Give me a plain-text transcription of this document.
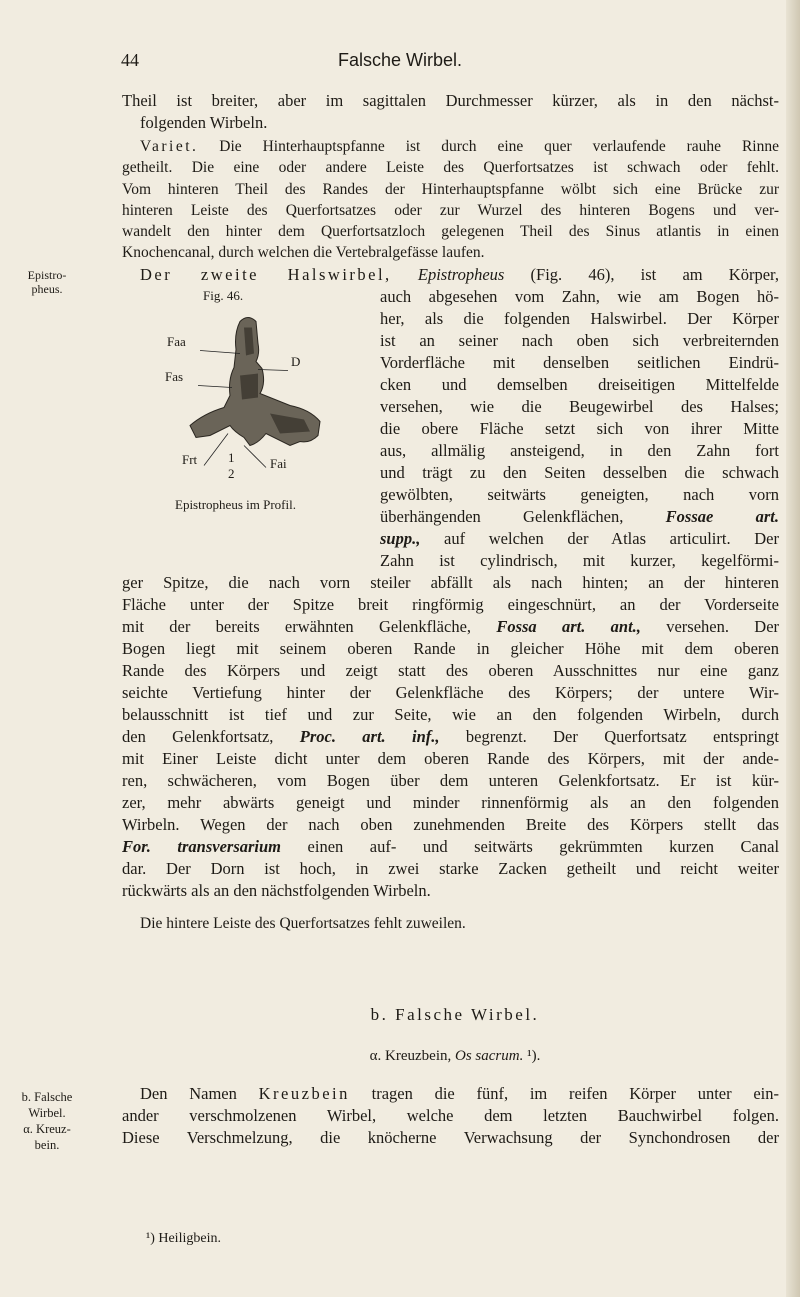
44	Falsche Wirbel.
Theil ist breiter, aber im sagittalen Durchmesser kürzer, als in den nächst-
folgenden Wirbeln.
Variet. Die Hinterhauptspfanne ist durch eine quer verlaufende rauhe Rinne
getheilt. Die eine oder andere Leiste des Querfortsatzes ist schwach oder fehlt.
Vom hinteren Theil des Randes der Hinterhauptspfanne wölbt sich eine Brücke zur
hinteren Leiste des Querfortsatzes oder zur Wurzel des hinteren Bogens und ver-
wandelt den hinter dem Querfortsatzloch gelegenen Theil des Sinus atlantis in einen
Knochencanal, durch welchen die Vertebralgefässe laufen.
Epistro-
pheus.
Der zweite Halswirbel, Epistropheus (Fig. 46), ist am Körper,
Fig. 46.
Faa
Fas
D
Frt	Fai
1
2
Epistropheus im Profil.
auch abgesehen vom Zahn, wie am Bogen hö-
her, als die folgenden Halswirbel. Der Körper
ist an seiner nach oben sich verbreiternden
Vorderfläche mit denselben seitlichen Eindrü-
cken und demselben dreiseitigen Mittelfelde
versehen, wie die Beugewirbel des Halses;
die obere Fläche setzt sich von ihrer Mitte
aus, allmälig ansteigend, in den Zahn fort
und trägt zu den Seiten desselben die schwach
gewölbten, seitwärts geneigten, nach vorn
überhängenden Gelenkflächen,	Fossae art.
supp., auf welchen der Atlas articulirt. Der
Zahn ist cylindrisch, mit kurzer, kegelförmi-
ger Spitze, die nach vorn steiler abfällt als nach hinten; an der hinteren
Fläche unter der Spitze breit ringförmig eingeschnürt, an der Vorderseite
mit der bereits erwähnten Gelenkfläche, Fossa art. ant., versehen. Der
Bogen liegt mit seinem oberen Rande in gleicher Höhe mit dem oberen
Rande des Körpers und zeigt statt des oberen Ausschnittes nur eine ganz
seichte Vertiefung hinter der Gelenkfläche des Körpers; der untere Wir-
belausschnitt ist tief und zur Seite, wie an den folgenden Wirbeln, durch
den Gelenkfortsatz, Proc. art. inf., begrenzt. Der Querfortsatz entspringt
mit Einer Leiste dicht unter dem oberen Rande des Körpers, mit der ande-
ren, schwächeren, vom Bogen über dem unteren Gelenkfortsatz. Er ist kür-
zer, mehr abwärts geneigt und minder rinnenförmig als an den folgenden
Wirbeln. Wegen der nach oben zunehmenden Breite des Körpers stellt das
For. transversarium einen auf- und seitwärts gekrümmten kurzen Canal
dar. Der Dorn ist hoch, in zwei starke Zacken getheilt und reicht weiter
rückwärts als an den nächstfolgenden Wirbeln.
Die hintere Leiste des Querfortsatzes fehlt zuweilen.
b. Falsche Wirbel.
α. Kreuzbein, Os sacrum. ¹).
b. Falsche
Wirbel.
α. Kreuz-
bein.
Den Namen Kreuzbein tragen die fünf, im reifen Körper unter ein-
ander verschmolzenen Wirbel, welche dem letzten Bauchwirbel folgen.
Diese Verschmelzung, die knöcherne Verwachsung der Synchondrosen der
¹) Heiligbein.
